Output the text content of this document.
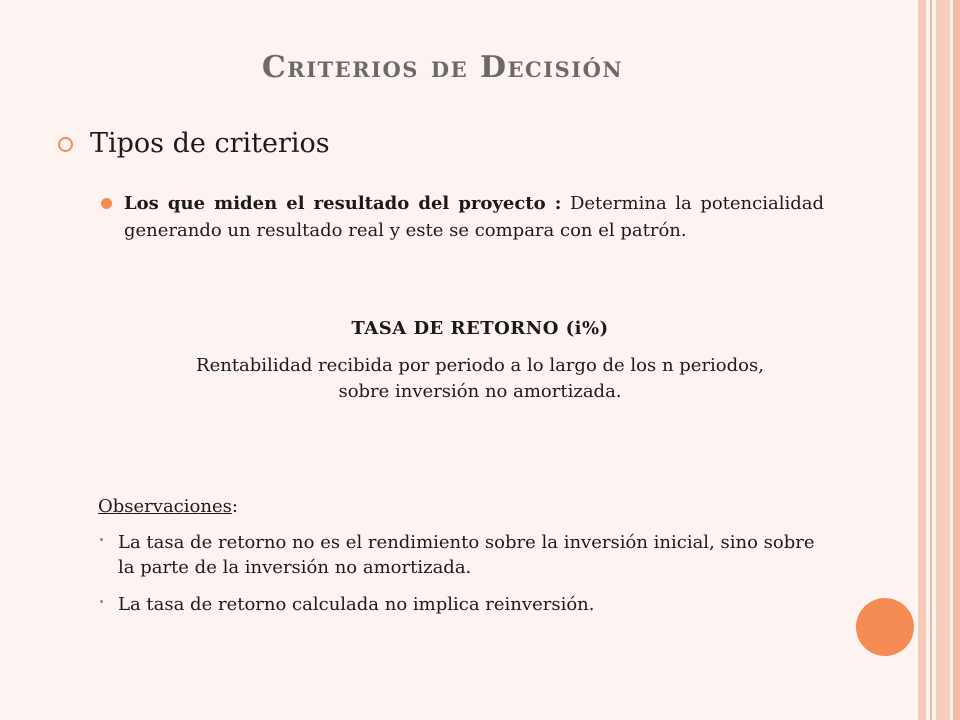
Criterios de Decisión
Tipos de criterios
Los que miden el resultado del proyecto : Determina la potencialidad generando un resultado real y este se compara con el patrón.
TASA DE RETORNO (i%)
Rentabilidad recibida por periodo a lo largo de los n periodos,
sobre inversión no amortizada.
Observaciones:
La tasa de retorno no es el rendimiento sobre la inversión inicial, sino sobre la parte de la inversión no amortizada.
La tasa de retorno calculada no implica reinversión.
